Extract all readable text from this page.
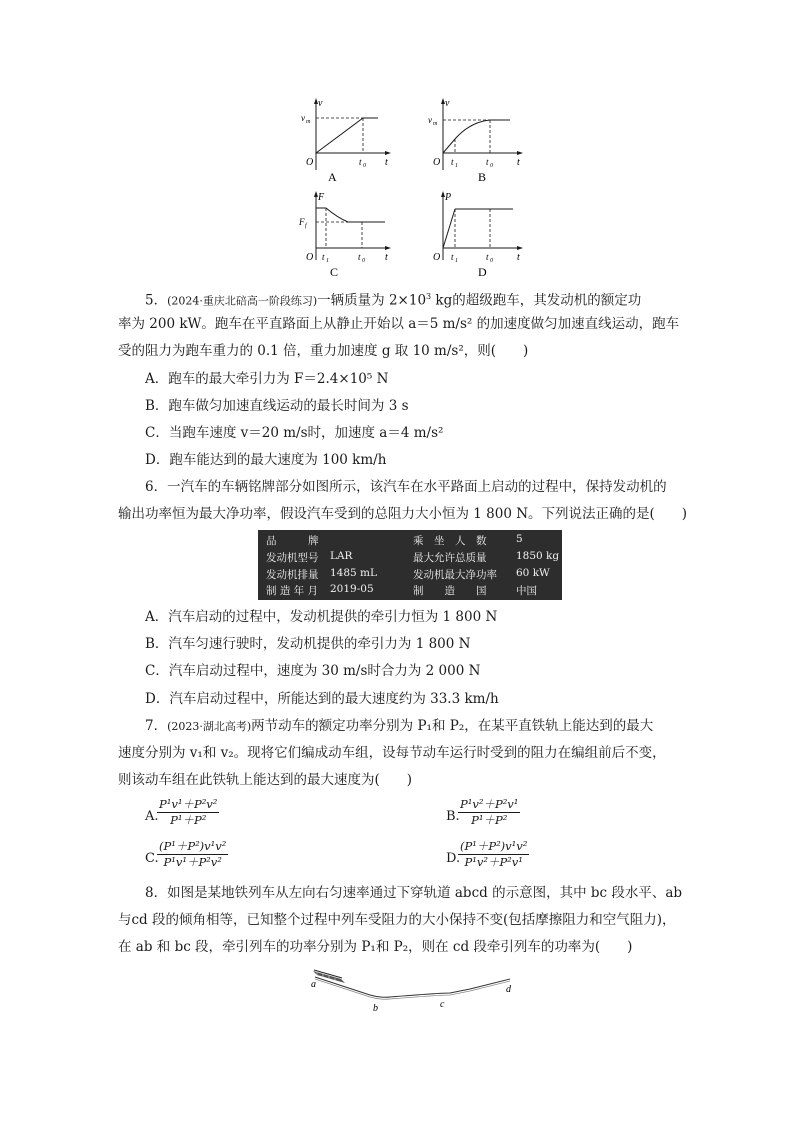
v
t
O
v m
t 0
A
v
t
O
v m
t 1	t 0
B
F
t
O
F f
t 1	t 0
C
P
t
O t 1	t 0
D
5．(2024·重庆北碚高一阶段练习)一辆质量为 $2\times 10^3$ kg的超级跑车，其发动机的额定功
率为 200 kW。跑车在平直路面上从静止开始以 a＝5 m/s² 的加速度做匀加速直线运动，跑车
受的阻力为跑车重力的 0.1 倍，重力加速度 g 取 10 m/s²，则(　　)
A．跑车的最大牵引力为 F＝2.4×10⁵ N
B．跑车做匀加速直线运动的最长时间为 3 s
C．当跑车速度 v＝20 m/s时，加速度 a＝4 m/s²
D．跑车能达到的最大速度为 100 km/h
6．一汽车的车辆铭牌部分如图所示，该汽车在水平路面上启动的过程中，保持发动机的
输出功率恒为最大净功率，假设汽车受到的总阻力大小恒为 1 800 N。下列说法正确的是(　　)
品　　　牌	乘　坐　人　数	5
发动机型号 LAR	最大允许总质量	1850 kg
发动机排量 1485 mL	发动机最大净功率 60 kW
制 造 年 月 2019-05	制　　造　　国	中国
A．汽车启动的过程中，发动机提供的牵引力恒为 1 800 N
B．汽车匀速行驶时，发动机提供的牵引力为 1 800 N
C．汽车启动过程中，速度为 30 m/s时合力为 2 000 N
D．汽车启动过程中，所能达到的最大速度约为 33.3 km/h
7．(2023·湖北高考)两节动车的额定功率分别为 P₁和 P₂，在某平直铁轨上能达到的最大
速度分别为 v₁和 v₂。现将它们编成动车组，设每节动车运行时受到的阻力在编组前后不变，
则该动车组在此铁轨上能达到的最大速度为(　　)
A.
$\frac{\text{P¹v¹＋P²v²}}{\text{P¹＋P²}}$	B.
$\frac{\text{P¹v²＋P²v¹}}{\text{P¹＋P²}}$
C.
$\frac{\text{(P¹＋P²)v¹v²}}{\text{P¹v¹＋P²v²}}$	D.
$\frac{\text{(P¹＋P²)v¹v²}}{\text{P¹v²＋P²v¹}}$
8．如图是某地铁列车从左向右匀速率通过下穿轨道 abcd 的示意图，其中 bc 段水平、ab
与cd 段的倾角相等，已知整个过程中列车受阻力的大小保持不变(包括摩擦阻力和空气阻力)，
在 ab 和 bc 段，牵引列车的功率分别为 P₁和 P₂，则在 cd 段牵引列车的功率为(　　)
a
b	c
d
